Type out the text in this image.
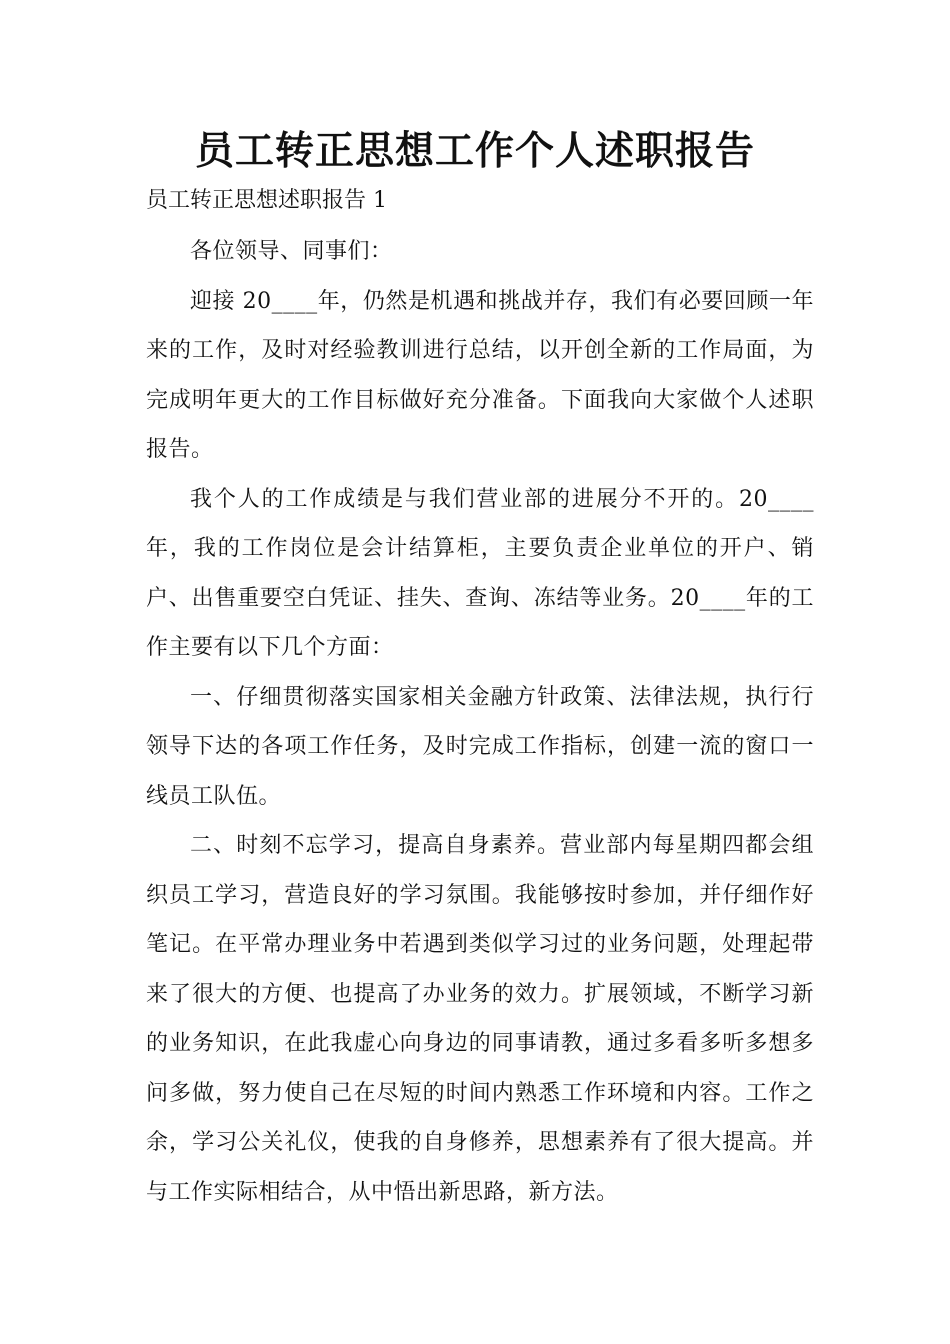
员工转正思想工作个人述职报告
员工转正思想述职报告 1

各位领导、同事们：

迎接 20____年，仍然是机遇和挑战并存，我们有必要回顾一年来的工作，及时对经验教训进行总结，以开创全新的工作局面，为完成明年更大的工作目标做好充分准备。下面我向大家做个人述职报告。

我个人的工作成绩是与我们营业部的进展分不开的。20____年，我的工作岗位是会计结算柜，主要负责企业单位的开户、销户、出售重要空白凭证、挂失、查询、冻结等业务。20____年的工作主要有以下几个方面：

一、仔细贯彻落实国家相关金融方针政策、法律法规，执行行领导下达的各项工作任务，及时完成工作指标，创建一流的窗口一线员工队伍。

二、时刻不忘学习，提高自身素养。营业部内每星期四都会组织员工学习，营造良好的学习氛围。我能够按时参加，并仔细作好笔记。在平常办理业务中若遇到类似学习过的业务问题，处理起带来了很大的方便、也提高了办业务的效力。扩展领域，不断学习新的业务知识，在此我虚心向身边的同事请教，通过多看多听多想多问多做，努力使自己在尽短的时间内熟悉工作环境和内容。工作之余，学习公关礼仪，使我的自身修养，思想素养有了很大提高。并与工作实际相结合，从中悟出新思路，新方法。
